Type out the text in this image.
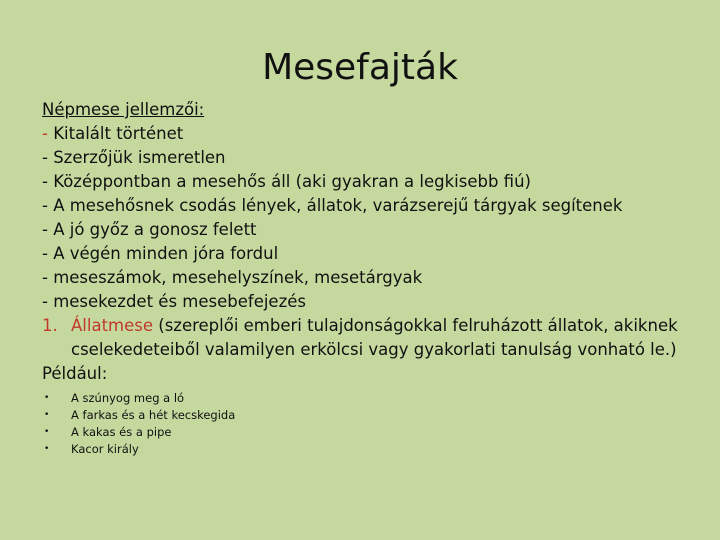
Mesefajták
Népmese jellemzői:
- Kitalált történet
- Szerzőjük ismeretlen
- Középpontban a mesehős áll (aki gyakran a legkisebb fiú)
- A mesehősnek csodás lények, állatok, varázserejű tárgyak segítenek
- A jó győz a gonosz felett
- A végén minden jóra fordul
- meseszámok, mesehelyszínek, mesetárgyak
- mesekezdet és mesebefejezés
1. Állatmese (szereplői emberi tulajdonságokkal felruházott állatok, akiknek
cselekedeteiből valamilyen erkölcsi vagy gyakorlati tanulság vonható le.)
Például:
• A szúnyog meg a ló
• A farkas és a hét kecskegida
• A kakas és a pipe
• Kacor király
